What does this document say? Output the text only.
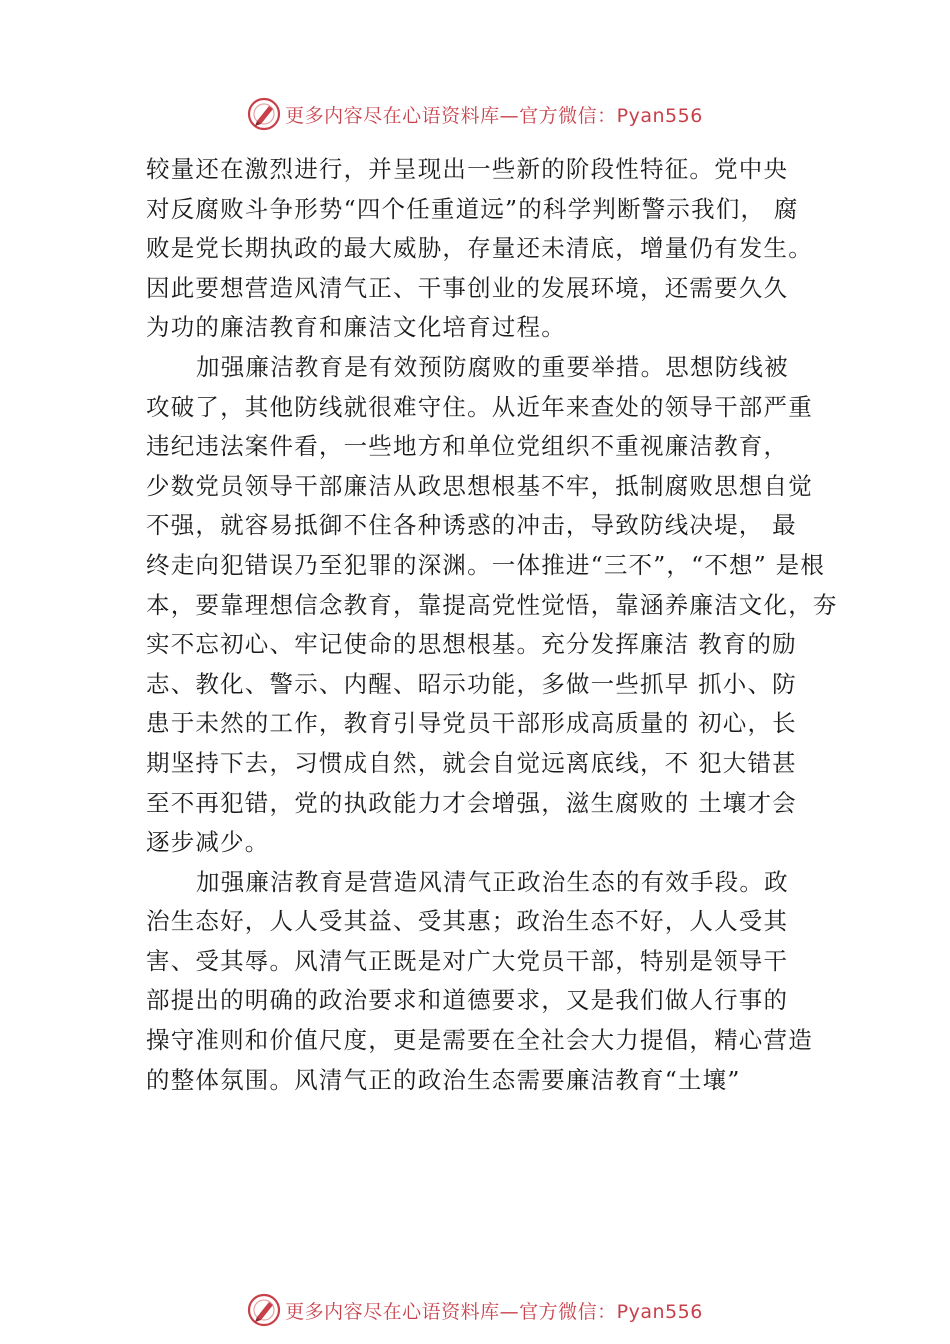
更多内容尽在心语资料库—官方微信：Pyan556
较量还在激烈进行，并呈现出一些新的阶段性特征。党中央
对反腐败斗争形势“四个任重道远”的科学判断警示我们， 腐
败是党长期执政的最大威胁，存量还未清底，增量仍有发生。
因此要想营造风清气正、干事创业的发展环境，还需要久久
为功的廉洁教育和廉洁文化培育过程。
加强廉洁教育是有效预防腐败的重要举措。思想防线被
攻破了，其他防线就很难守住。从近年来查处的领导干部严重
违纪违法案件看，一些地方和单位党组织不重视廉洁教育，
少数党员领导干部廉洁从政思想根基不牢，抵制腐败思想自觉
不强，就容易抵御不住各种诱惑的冲击，导致防线决堤， 最
终走向犯错误乃至犯罪的深渊。一体推进“三不”，“不想” 是根
本，要靠理想信念教育，靠提高党性觉悟，靠涵养廉洁文化，夯
实不忘初心、牢记使命的思想根基。充分发挥廉洁 教育的励
志、教化、警示、内醒、昭示功能，多做一些抓早 抓小、防
患于未然的工作，教育引导党员干部形成高质量的 初心，长
期坚持下去，习惯成自然，就会自觉远离底线，不 犯大错甚
至不再犯错，党的执政能力才会增强，滋生腐败的 土壤才会
逐步减少。
加强廉洁教育是营造风清气正政治生态的有效手段。政
治生态好，人人受其益、受其惠；政治生态不好，人人受其
害、受其辱。风清气正既是对广大党员干部，特别是领导干
部提出的明确的政治要求和道德要求，又是我们做人行事的
操守准则和价值尺度，更是需要在全社会大力提倡，精心营造
的整体氛围。风清气正的政治生态需要廉洁教育“土壤”
更多内容尽在心语资料库—官方微信：Pyan556
